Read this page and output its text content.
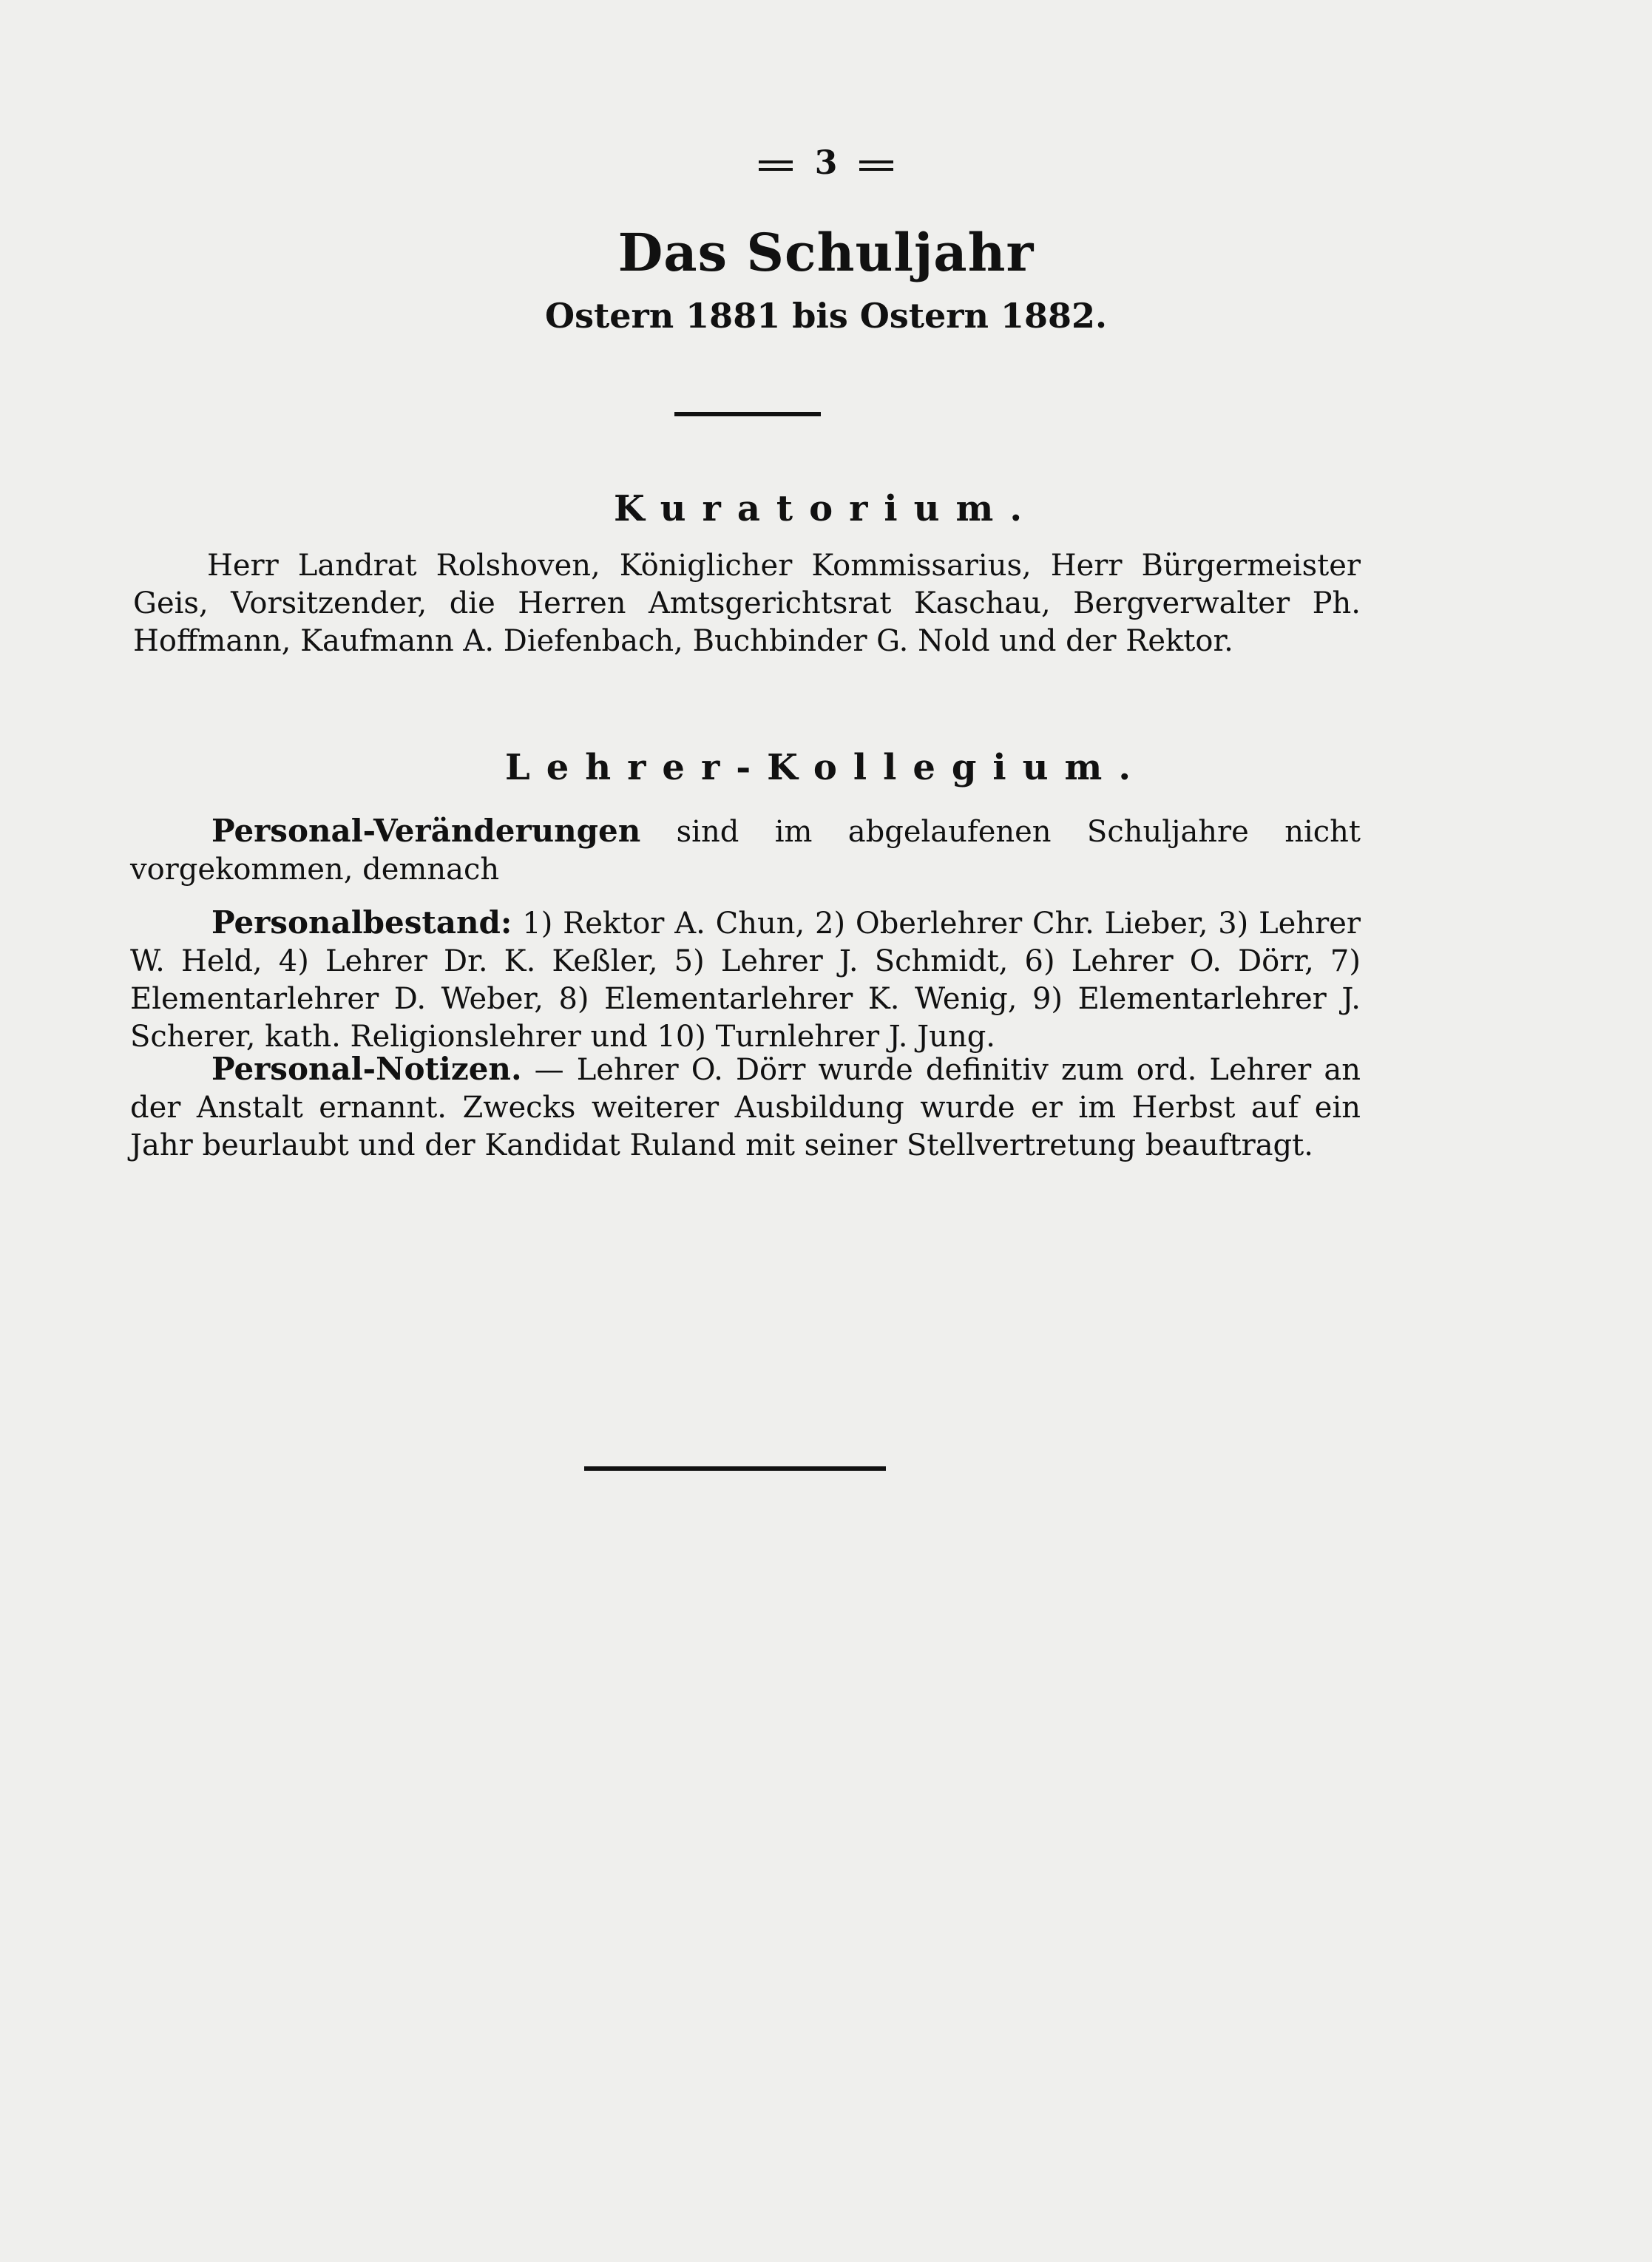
3
Das Schuljahr
Ostern 1881 bis Ostern 1882.
Kuratorium.
Herr Landrat Rolshoven, Königlicher Kommissarius, Herr Bürgermeister Geis, Vorsitzender, die Herren Amtsgerichtsrat Kaschau, Bergverwalter Ph. Hoffmann, Kaufmann A. Diefenbach, Buchbinder G. Nold und der Rektor.
Lehrer-Kollegium.
Personal-Veränderungen sind im abgelaufenen Schuljahre nicht vorgekommen, demnach
Personalbestand: 1) Rektor A. Chun, 2) Oberlehrer Chr. Lieber, 3) Lehrer W. Held, 4) Lehrer Dr. K. Keßler, 5) Lehrer J. Schmidt, 6) Lehrer O. Dörr, 7) Elementarlehrer D. Weber, 8) Elementarlehrer K. Wenig, 9) Elementarlehrer J. Scherer, kath. Religionslehrer und 10) Turnlehrer J. Jung.
Personal-Notizen. — Lehrer O. Dörr wurde definitiv zum ord. Lehrer an der Anstalt ernannt. Zwecks weiterer Ausbildung wurde er im Herbst auf ein Jahr beurlaubt und der Kandidat Ruland mit seiner Stellvertretung beauftragt.
